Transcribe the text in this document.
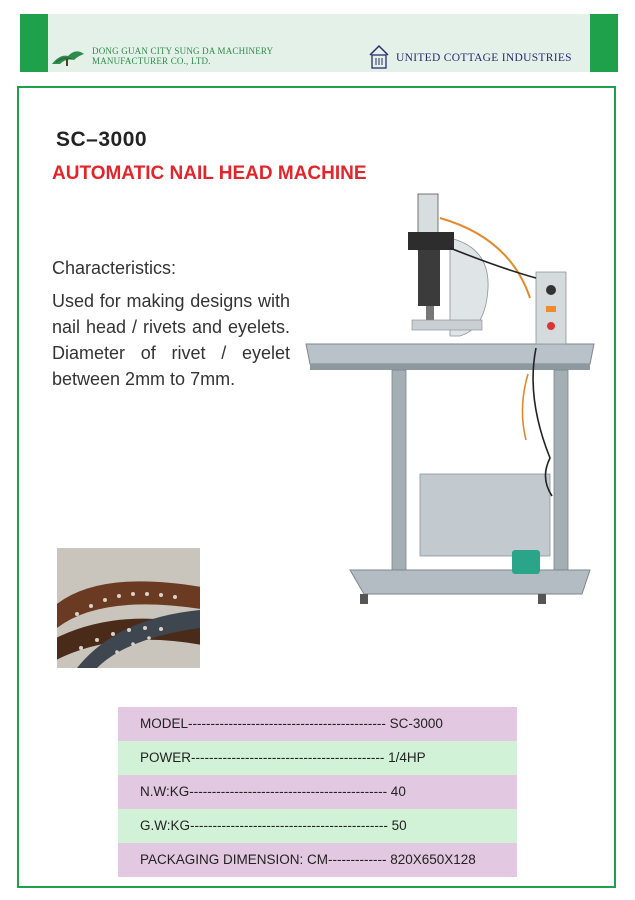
DONG GUAN CITY SUNG DA MACHINERY
MANUFACTURER CO., LTD.	UNITED COTTAGE INDUSTRIES
SC–3000
AUTOMATIC NAIL HEAD MACHINE
Characteristics:
Used for making designs with nail head / rivets and eyelets. Diameter of rivet / eyelet between 2mm to 7mm.
MODEL-------------------------------------------- SC-3000
POWER------------------------------------------- 1/4HP
N.W:KG-------------------------------------------- 40
G.W:KG-------------------------------------------- 50
PACKAGING DIMENSION: CM------------- 820X650X128
